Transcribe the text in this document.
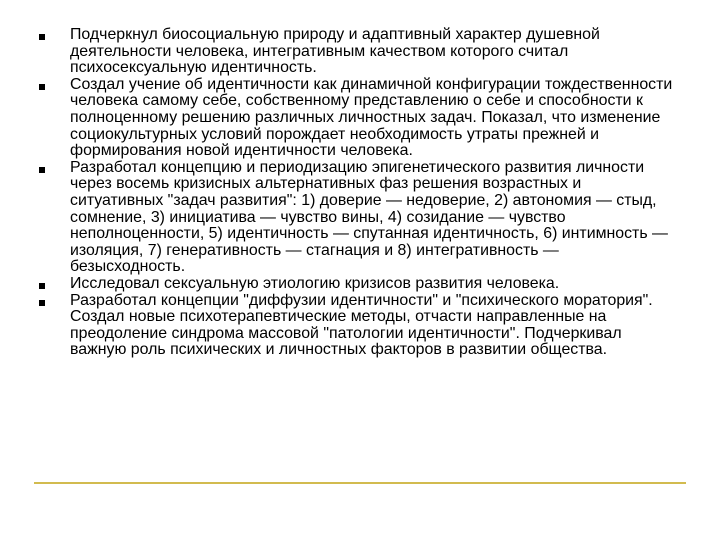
Подчеркнул биосоциальную природу и адаптивный характер душевной деятельности человека, интегративным качеством которого считал психосексуальную идентичность.
Создал учение об идентичности как динамичной конфигурации тождественности человека самому себе, собственному представлению о себе и способности к полноценному решению различных личностных задач. Показал, что изменение социокультурных условий порождает необходимость утраты прежней и формирования новой идентичности человека.
Разработал концепцию и периодизацию эпигенетического развития личности через восемь кризисных альтернативных фаз решения возрастных и ситуативных "задач развития": 1) доверие — недоверие, 2) автономия — стыд, сомнение, 3) инициатива — чувство вины, 4) созидание — чувство неполноценности, 5) идентичность — спутанная идентичность, 6) интимность — изоляция, 7) генеративность — стагнация и 8) интегративность — безысходность.
Исследовал сексуальную этиологию кризисов развития человека.
Разработал концепции "диффузии идентичности" и "психического моратория". Создал новые психотерапевтические методы, отчасти направленные на преодоление синдрома массовой "патологии идентичности". Подчеркивал важную роль психических и личностных факторов в развитии общества.
